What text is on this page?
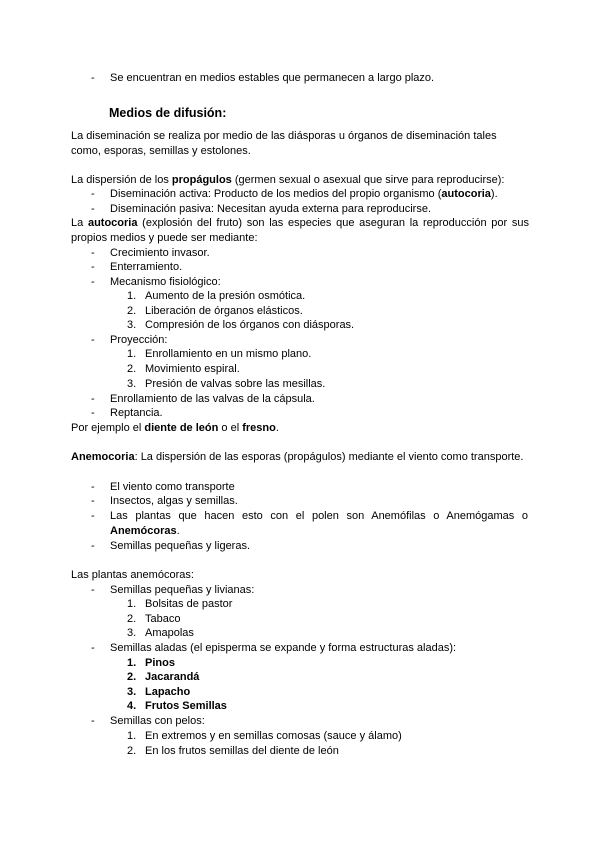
- Se encuentran en medios estables que permanecen a largo plazo.

Medios de difusión:

La diseminación se realiza por medio de las diásporas u órganos de diseminación tales como, esporas, semillas y estolones.

La dispersión de los propágulos (germen sexual o asexual que sirve para reproducirse):

- Diseminación activa: Producto de los medios del propio organismo (autocoria).
- Diseminación pasiva: Necesitan ayuda externa para reproducirse.

La autocoria (explosión del fruto) son las especies que aseguran la reproducción por sus propios medios y puede ser mediante:

- Crecimiento invasor.
- Enterramiento.
- Mecanismo fisiológico:
1. Aumento de la presión osmótica.
2. Liberación de órganos elásticos.
3. Compresión de los órganos con diásporas.
- Proyección:
1. Enrollamiento en un mismo plano.
2. Movimiento espiral.
3. Presión de valvas sobre las mesillas.
- Enrollamiento de las valvas de la cápsula.
- Reptancia.

Por ejemplo el diente de león o el fresno.

Anemocoria: La dispersión de las esporas (propágulos) mediante el viento como transporte.

- El viento como transporte
- Insectos, algas y semillas.
- Las plantas que hacen esto con el polen son Anemófilas o Anemógamas o Anemócoras.
- Semillas pequeñas y ligeras.

Las plantas anemócoras:

- Semillas pequeñas y livianas:
1. Bolsitas de pastor
2. Tabaco
3. Amapolas
- Semillas aladas (el episperma se expande y forma estructuras aladas):
1. Pinos
2. Jacarandá
3. Lapacho
4. Frutos Semillas
- Semillas con pelos:
1. En extremos y en semillas comosas (sauce y álamo)
2. En los frutos semillas del diente de león
